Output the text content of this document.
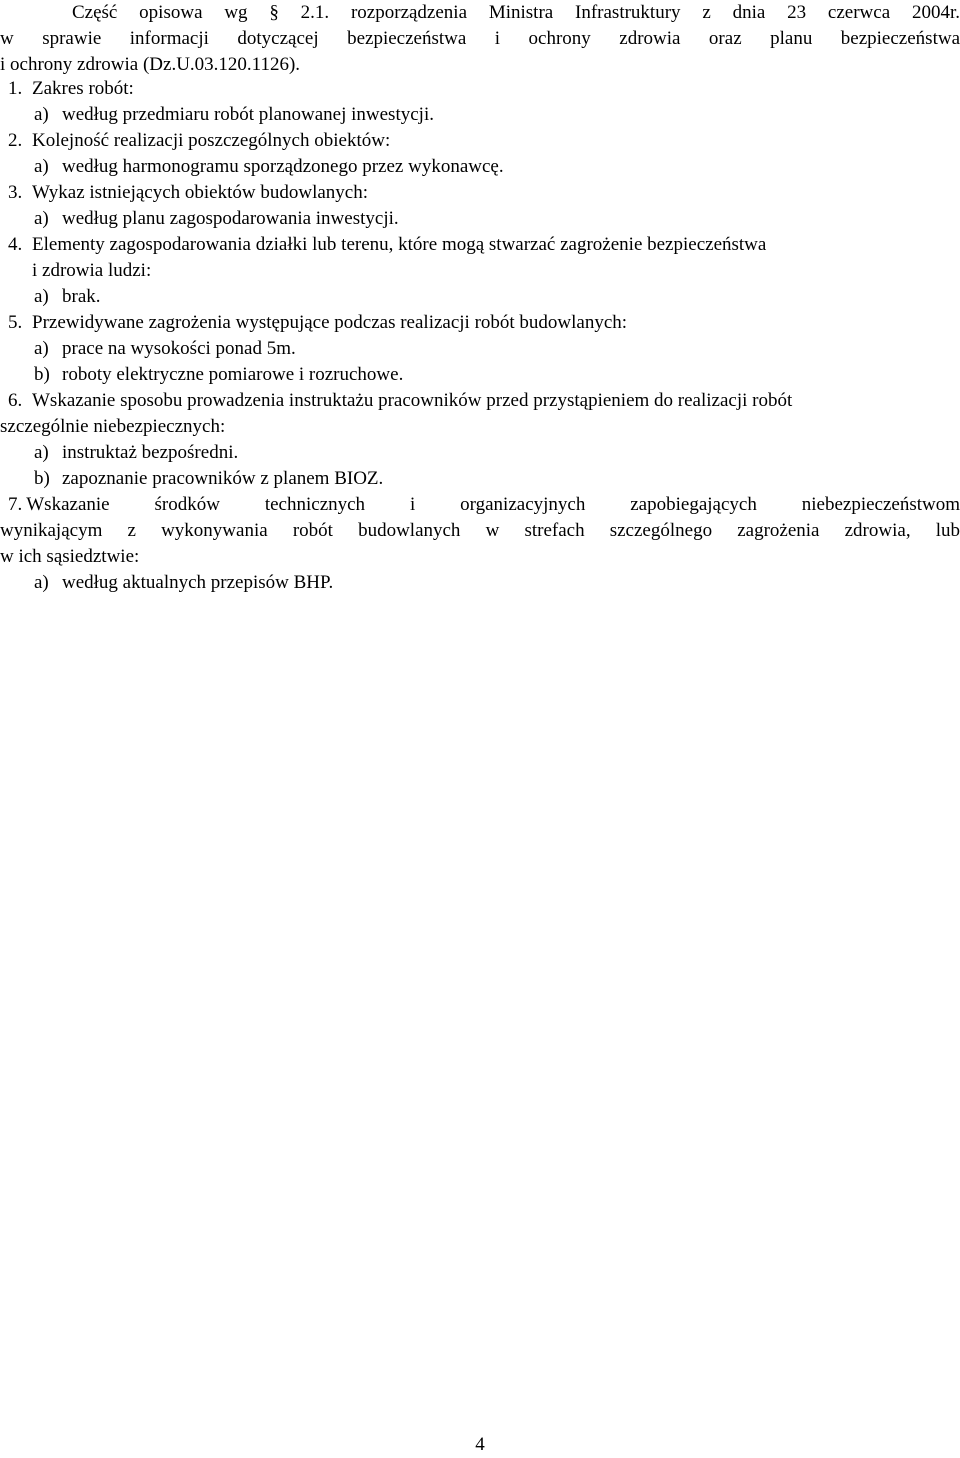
Część opisowa wg § 2.1. rozporządzenia Ministra Infrastruktury z dnia 23 czerwca 2004r.
w sprawie informacji dotyczącej bezpieczeństwa i ochrony zdrowia oraz planu bezpieczeństwa
i ochrony zdrowia (Dz.U.03.120.1126).
1. Zakres robót:
a) według przedmiaru robót planowanej inwestycji.
2. Kolejność realizacji poszczególnych obiektów:
a) według harmonogramu sporządzonego przez wykonawcę.
3. Wykaz istniejących obiektów budowlanych:
a) według planu zagospodarowania inwestycji.
4. Elementy zagospodarowania działki lub terenu, które mogą stwarzać zagrożenie bezpieczeństwa
i zdrowia ludzi:
a) brak.
5. Przewidywane zagrożenia występujące podczas realizacji robót budowlanych:
a) prace na wysokości ponad 5m.
b) roboty elektryczne pomiarowe i rozruchowe.
6. Wskazanie sposobu prowadzenia instruktażu pracowników przed przystąpieniem do realizacji robót
szczególnie niebezpiecznych:
a) instruktaż bezpośredni.
b) zapoznanie pracowników z planem BIOZ.
7. Wskazanie środków technicznych i organizacyjnych zapobiegających niebezpieczeństwom
wynikającym z wykonywania robót budowlanych w strefach szczególnego zagrożenia zdrowia, lub
w ich sąsiedztwie:
a) według aktualnych przepisów BHP.
4
